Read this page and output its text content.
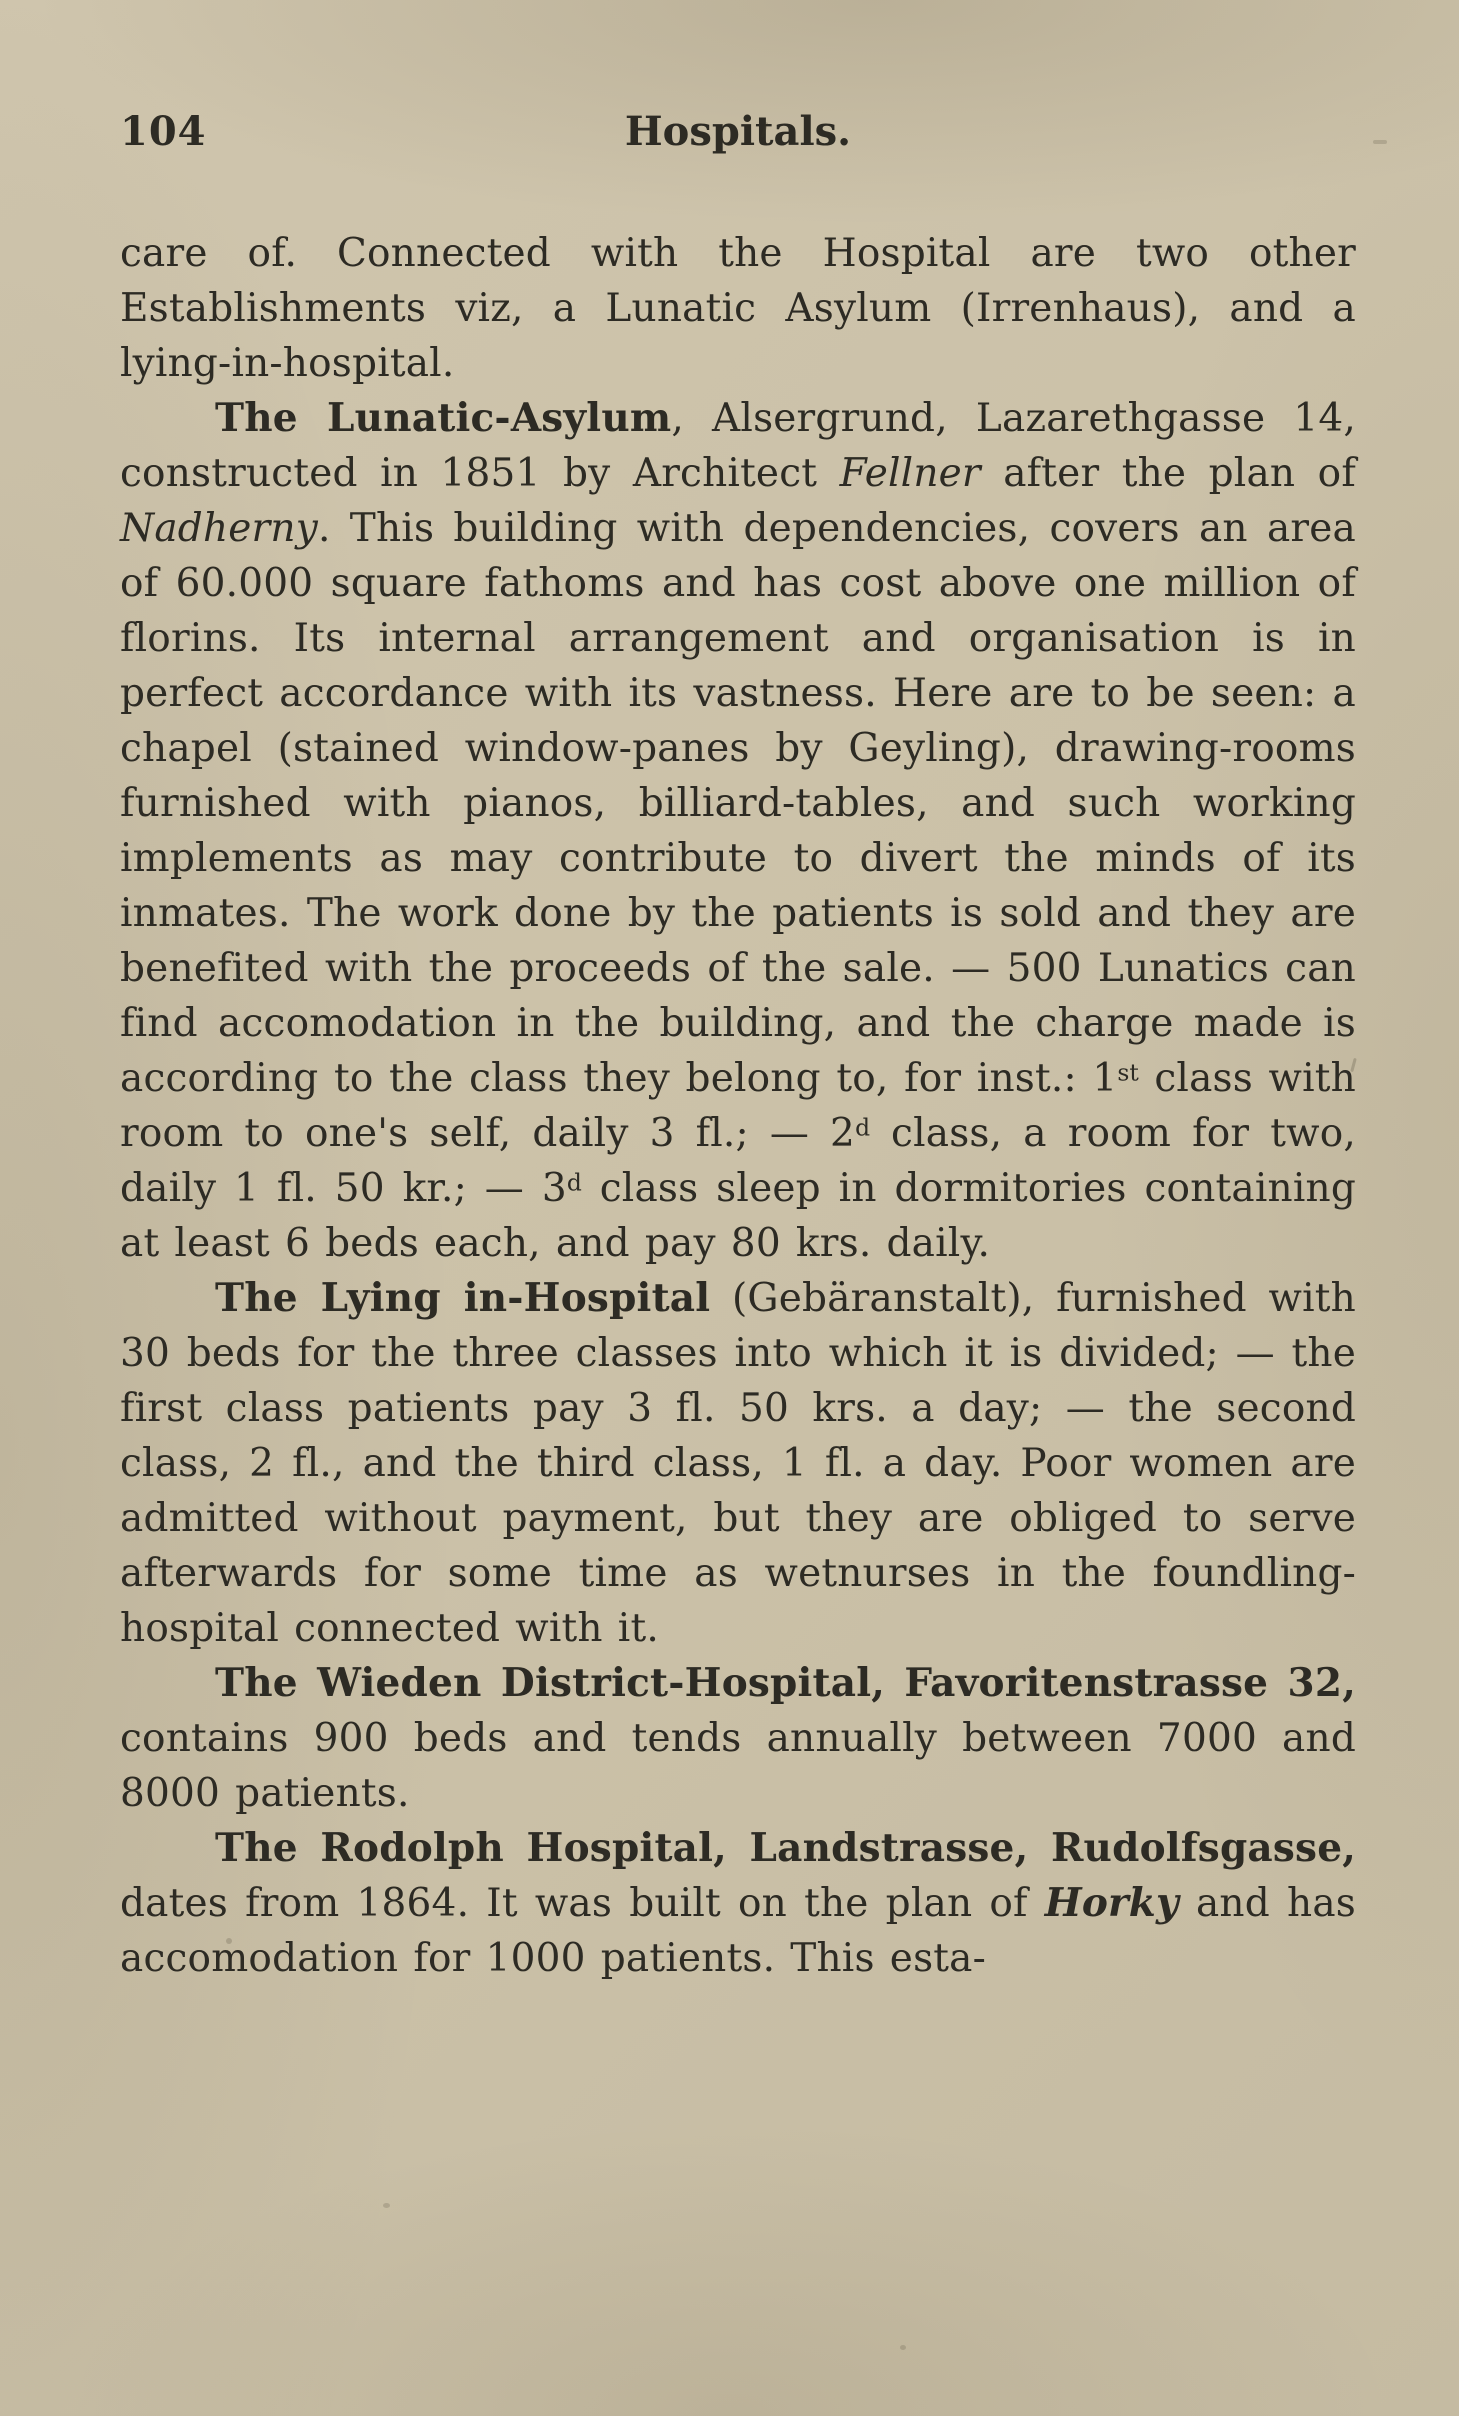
104	Hospitals.

care of. Connected with the Hospital are two other Establishments viz, a Lunatic Asylum (Irrenhaus), and a lying-in-hospital.

The Lunatic-Asylum, Alsergrund, Lazarethgasse 14, constructed in 1851 by Architect Fellner after the plan of Nadherny. This building with dependencies, covers an area of 60.000 square fathoms and has cost above one million of florins. Its internal arrangement and organisation is in perfect accordance with its vastness. Here are to be seen: a chapel (stained window-panes by Geyling), drawing-rooms furnished with pianos, billiard-tables, and such working implements as may contribute to divert the minds of its inmates. The work done by the patients is sold and they are benefited with the proceeds of the sale. — 500 Lunatics can find accomodation in the building, and the charge made is according to the class they belong to, for inst.: 1st class with room to one's self, daily 3 fl.; — 2$^d$ class, a room for two, daily 1 fl. 50 kr.; — 3$^d$ class sleep in dormitories containing at least 6 beds each, and pay 80 krs. daily.

The Lying in-Hospital (Gebäranstalt), furnished with 30 beds for the three classes into which it is divided; — the first class patients pay 3 fl. 50 krs. a day; — the second class, 2 fl., and the third class, 1 fl. a day. Poor women are admitted without payment, but they are obliged to serve afterwards for some time as wetnurses in the foundling-hospital connected with it.

The Wieden District-Hospital, Favoritenstrasse 32, contains 900 beds and tends annually between 7000 and 8000 patients.

The Rodolph Hospital, Landstrasse, Rudolfsgasse, dates from 1864. It was built on the plan of Horky and has accomodation for 1000 patients. This esta-
